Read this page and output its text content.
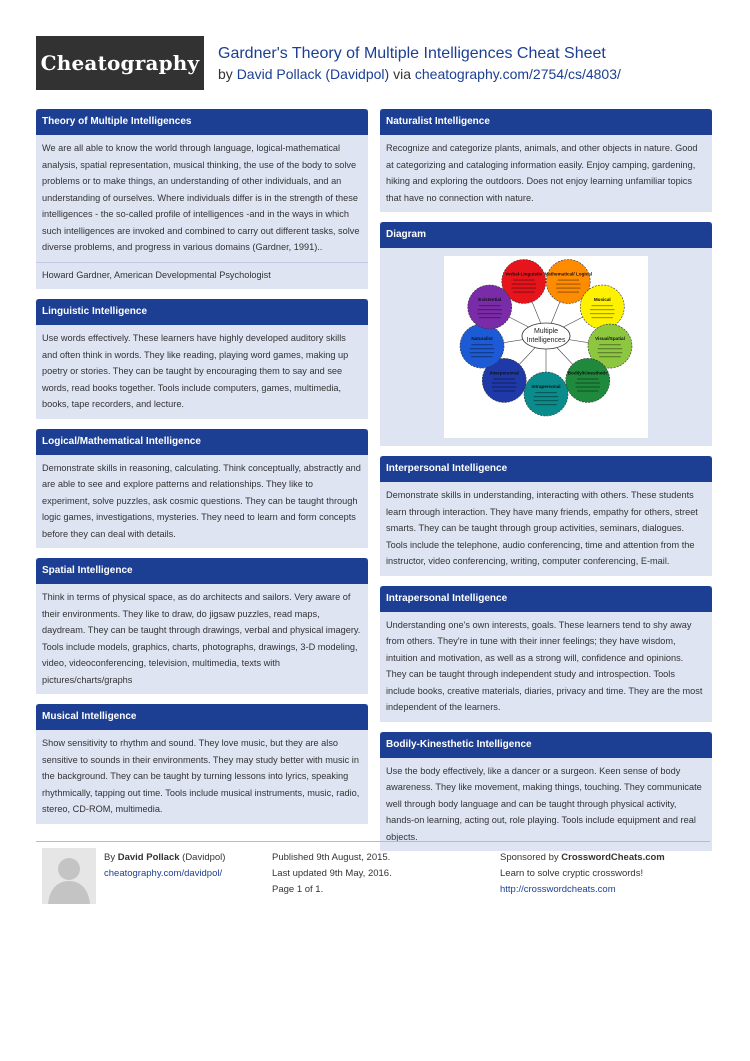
Cheatography Gardner's Theory of Multiple Intelligences Cheat Sheet
by David Pollack (Davidpol) via cheatography.com/2754/cs/4803/
Theory of Multiple Intelligences
We are all able to know the world through language, logical-mathematical analysis, spatial representation, musical thinking, the use of the body to solve problems or to make things, an understanding of other individuals, and an understanding of ourselves. Where individuals differ is in the strength of these intelligences - the so-called profile of intelligences -and in the ways in which such intelligences are invoked and combined to carry out different tasks, solve diverse problems, and progress in various domains (Gardner, 1991)..
Howard Gardner, American Developmental Psychologist
Linguistic Intelligence
Use words effectively. These learners have highly developed auditory skills and often think in words. They like reading, playing word games, making up poetry or stories. They can be taught by encouraging them to say and see words, read books together. Tools include computers, games, multimedia, books, tape recorders, and lecture.
Logical/Mathematical Intelligence
Demonstrate skills in reasoning, calculating. Think conceptually, abstractly and are able to see and explore patterns and relationships. They like to experiment, solve puzzles, ask cosmic questions. They can be taught through logic games, investigations, mysteries. They need to learn and form concepts before they can deal with details.
Spatial Intelligence
Think in terms of physical space, as do architects and sailors. Very aware of their environments. They like to draw, do jigsaw puzzles, read maps, daydream. They can be taught through drawings, verbal and physical imagery. Tools include models, graphics, charts, photographs, drawings, 3-D modeling, video, videoconferencing, television, multimedia, texts with pictures/charts/graphs
Musical Intelligence
Show sensitivity to rhythm and sound. They love music, but they are also sensitive to sounds in their environments. They may study better with music in the background. They can be taught by turning lessons into lyrics, speaking rhythmically, tapping out time. Tools include musical instruments, music, radio, stereo, CD-ROM, multimedia.
Naturalist Intelligence
Recognize and categorize plants, animals, and other objects in nature. Good at categorizing and cataloging information easily. Enjoy camping, gardening, hiking and exploring the outdoors. Does not enjoy learning unfamiliar topics that have no connection with nature.
Diagram
Verbal-Linguistic Mathematical/ Logical
Musical
Visual/Spatial
Bodily/Kinesthetic
Intrapersonal
Interpersonal
Naturalist
Existential
Multiple
Intelligences
Interpersonal Intelligence
Demonstrate skills in understanding, interacting with others. These students learn through interaction. They have many friends, empathy for others, street smarts. They can be taught through group activities, seminars, dialogues. Tools include the telephone, audio conferencing, time and attention from the instructor, video conferencing, writing, computer conferencing, E-mail.
Intrapersonal Intelligence
Understanding one's own interests, goals. These learners tend to shy away from others. They're in tune with their inner feelings; they have wisdom, intuition and motivation, as well as a strong will, confidence and opinions. They can be taught through independent study and introspection. Tools include books, creative materials, diaries, privacy and time. They are the most independent of the learners.
Bodily-Kinesthetic Intelligence
Use the body effectively, like a dancer or a surgeon. Keen sense of body awareness. They like movement, making things, touching. They communicate well through body language and can be taught through physical activity, hands-on learning, acting out, role playing. Tools include equipment and real objects.
By David Pollack (Davidpol)
cheatography.com/davidpol/
Published 9th August, 2015.
Last updated 9th May, 2016.
Page 1 of 1.
Sponsored by CrosswordCheats.com
Learn to solve cryptic crosswords!
http://crosswordcheats.com
